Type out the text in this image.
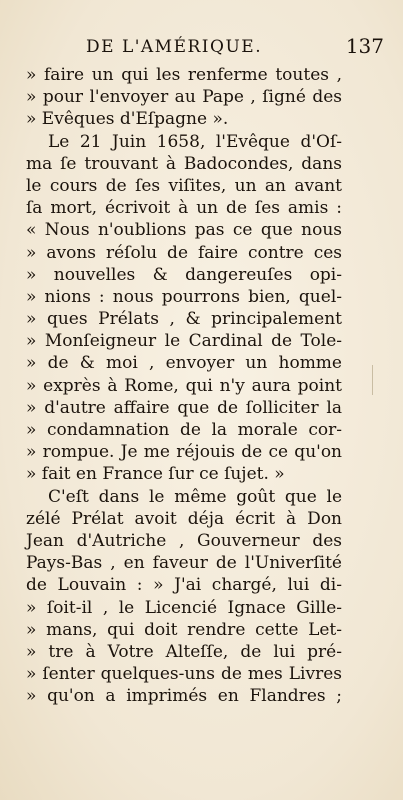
DE L'AMÉRIQUE.	137
» faire un qui les renferme toutes ,
» pour l'envoyer au Pape , ſigné des
» Evêques d'Eſpagne ».
Le 21 Juin 1658, l'Evêque d'Oſ-
ma ſe trouvant à Badocondes, dans
le cours de ſes viſites, un an avant
ſa mort, écrivoit à un de ſes amis :
« Nous n'oublions pas ce que nous
» avons réſolu de faire contre ces
» nouvelles & dangereuſes opi-
» nions : nous pourrons bien, quel-
» ques Prélats , & principalement
» Monſeigneur le Cardinal de Tole-
» de & moi , envoyer un homme
» exprès à Rome, qui n'y aura point
» d'autre affaire que de ſolliciter la
» condamnation de la morale cor-
» rompue. Je me réjouis de ce qu'on
» fait en France ſur ce ſujet. »
C'eſt dans le même goût que le
zélé Prélat avoit déja écrit à Don
Jean d'Autriche , Gouverneur des
Pays-Bas , en faveur de l'Univerſité
de Louvain : » J'ai chargé, lui di-
» ſoit-il , le Licencié Ignace Gille-
» mans, qui doit rendre cette Let-
» tre à Votre Alteſſe, de lui pré-
» ſenter quelques-uns de mes Livres
» qu'on a imprimés en Flandres ;
